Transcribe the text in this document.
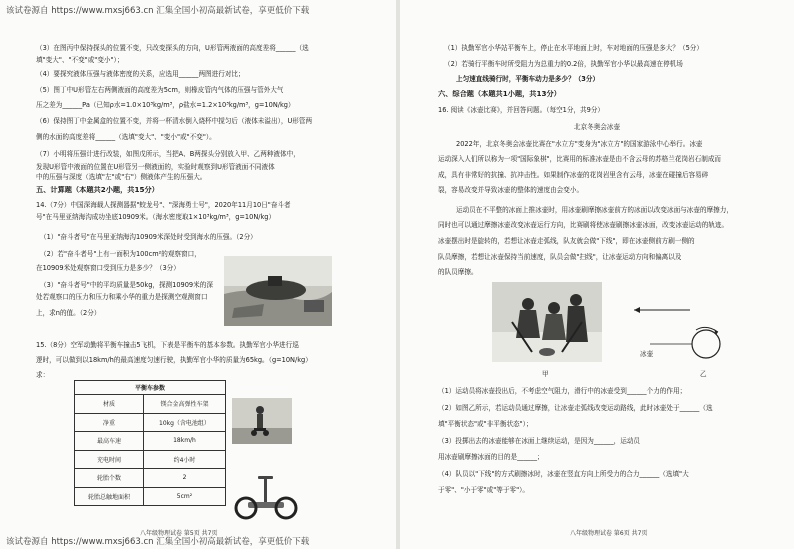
该试卷源自 https://www.mxsj663.cn 汇集全国小初高最新试卷，享更低价下载
该试卷源自 https://www.mxsj663.cn 汇集全国小初高最新试卷，享更低价下载
（3）在图丙中保持探头的位置不变，只改变探头的方向，U形管两液面的高度差将______（选
填"变大"、"不变"或"变小"）；
（4）要探究液体压强与液体密度的关系，应选用______两图进行对比；
（5）图丁中U形管左右两侧液面的高度差为5cm，则橡皮管内气体的压强与管外大气
压之差为______Pa（已知ρ水=1.0×10³kg/m³，ρ盐水=1.2×10³kg/m³，g=10N/kg）
（6）保持图丁中金属盒的位置不变，并将一杯清水倒入烧杯中搅匀后（液体未溢出），U形管两
侧的水面的高度差将______（选填"变大"、"变小"或"不变"）。
（7）小明将压强计进行改装，如图戊所示，当把A、B两探头分别放入甲、乙两种液体中，
发现U形管中液面的位置在U形管另一侧液面的，实验时观察到U形管液面不同液体
中的压强与深度（选填"左"或"右"）侧液体产生的压强大。
五、计算题（本题共2小题，共15分）
14.（7分）中国深海载人探测器据"蛟龙号"、"深海勇士号"，2020年11月10日"奋斗者
号"在马里亚纳海沟成功坐底10909米。（海水密度取1×10³kg/m³，g=10N/kg）
（1）"奋斗者号"在马里亚纳海沟10909米深处时受到海水的压强。（2分）
（2）若"奋斗者号"上有一面积为100cm²的观察窗口，
在10909米处观察窗口受到压力是多少？（3分）
（3）"奋斗者号"中的平均质量是50kg，探测10909米的深
处若观察口的压力和压力和乘小华的重力是探测空观测窗口
上，求n的值。（2分）
15.（8分）空军动勤将平衡车撞击5飞机，下表是平衡车的基本参数。执勤军官小华进行巡
逻时，可以做到以18km/h的最高速度匀速行驶，执勤军官小华的质量为65kg。（g=10N/kg）
求：
平衡车参数	
材质	镁合金高弹性车架
净重	10kg（含电池组）
最高车速	18km/h
充电时间	约4小时
轮胎个数	2
轮胎总触地面积	5cm²
八年级物理试卷 第5页 共7页
（1）执勤军官小华站平衡车上，停止在水平地面上时，车对地面的压强是多大？（5分）
（2）若骑行平衡车时所受阻力为总重力的0.2倍，执勤军官小华以最高速在停机场
上匀速直线骑行时，平衡车动力是多少？（3分）
六、综合题（本题共1小题，共13分）
16. 阅读《冰壶比赛》，并回答问题。（每空1分，共9分）
北京冬奥会冰壶
2022年，北京冬奥会冰壶比赛在"水立方"变身为"冰立方"的国家游泳中心举行。冰壶
运动深入人们所以称为一项"国际象棋"，比赛用的标准冰壶是由不含云母的苏格兰花岗岩石制成而
成，具有非常好的抗撞、抗冲击性。如果制作冰壶的花岗岩里含有云母，冰壶在碰撞后容易碎
裂，容易改变并导致冰壶的整体的速度由会变小。
运动员在不平整的冰面上推冰壶时，用冰壶刷摩擦冰壶前方的冰面以改变冰面与冰壶的摩擦力，
同时也可以通过摩擦冰壶改变冰壶运行方向，比赛刷将使冰壶刷擦冰壶冰面，改变冰壶运动的轨迹。
冰壶摆出时是旋转的，若想让冰壶走弧线，队友就会做"下线"，即在冰壶侧前方刷一侧的
队员摩擦，若想让冰壶保持当前速度，队员会做"扫线"，让冰壶运动方向和偏离以及
的队员摩擦。
甲
冰壶
乙
（1）运动员将冰壶投出后，不考虑空气阻力，滑行中的冰壶受到______个力的作用；
（2）如图乙所示，若运动员通过摩擦，让冰壶走弧线改变运动路线，此时冰壶处于______（选
填"平衡状态"或"非平衡状态"）；
（3）投掷出去的冰壶能够在冰面上继续运动，是因为______，运动员
用冰壶刷摩擦冰面的目的是______；
（4）队员以"下线"的方式刷擦冰时，冰壶在竖直方向上所受力的合力______（选填"大
于零"、"小于零"或"等于零"）。
八年级物理试卷 第6页 共7页
